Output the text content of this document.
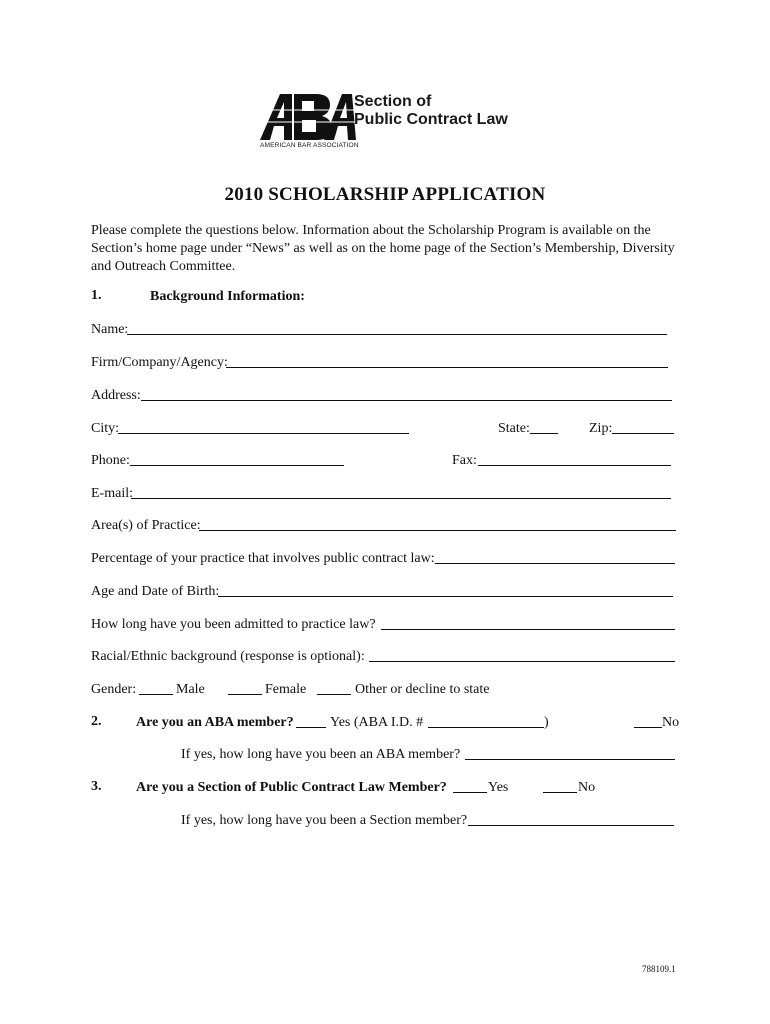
Section of
Public Contract Law
AMERICAN BAR ASSOCIATION
2010 SCHOLARSHIP APPLICATION
Please complete the questions below. Information about the Scholarship Program is available on the Section’s home page under “News” as well as on the home page of the Section’s Membership, Diversity and Outreach Committee.
1.	Background Information:
Name:
Firm/Company/Agency:
Address:
City:	State:	Zip:
Phone:	Fax:
E-mail:
Area(s) of Practice:
Percentage of your practice that involves public contract law:
Age and Date of Birth:
How long have you been admitted to practice law?
Racial/Ethnic background (response is optional):
Gender:	Male	Female	Other or decline to state
2. Are you an ABA member?	Yes (ABA I.D. #	)	No
If yes, how long have you been an ABA member?
3. Are you a Section of Public Contract Law Member?	Yes	No
If yes, how long have you been a Section member?
788109.1
